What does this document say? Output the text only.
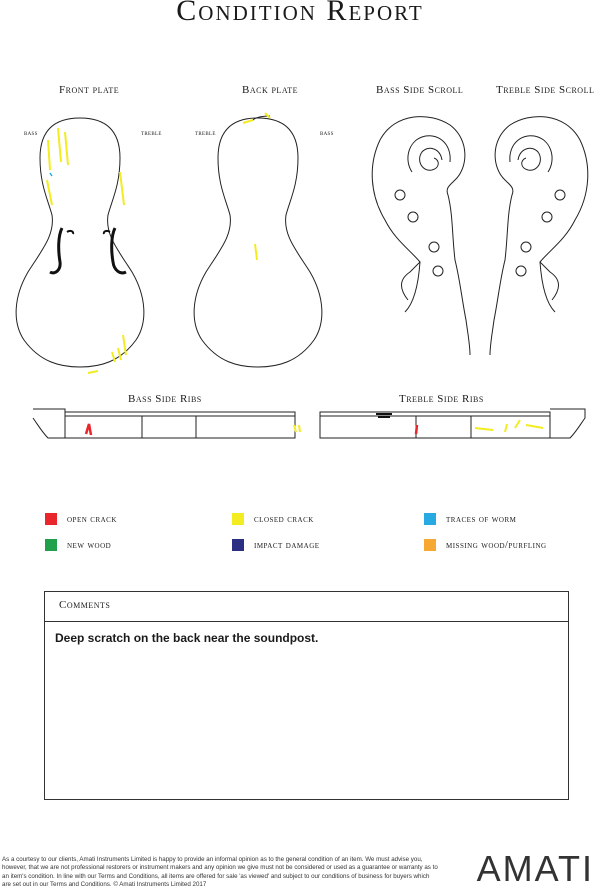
Condition Report
Front plate	Back plate	Bass Side Scroll	Treble Side Scroll
bass	treble	treble	bass
Bass Side Ribs	Treble Side Ribs
open crack	closed crack	traces of worm
new wood	impact damage	missing wood/purfling
Comments
Deep scratch on the back near the soundpost.
As a courtesy to our clients, Amati Instruments Limited is happy to provide an informal opinion as to the general condition of an item. We must advise you, however, that we are not professional restorers or instrument makers and any opinion we give must not be considered or used as a guarantee or warranty as to an item's condition. In line with our Terms and Conditions, all items are offered for sale 'as viewed' and subject to our conditions of business for buyers which are set out in our Terms and Conditions. © Amati Instruments Limited 2017	AMATI
